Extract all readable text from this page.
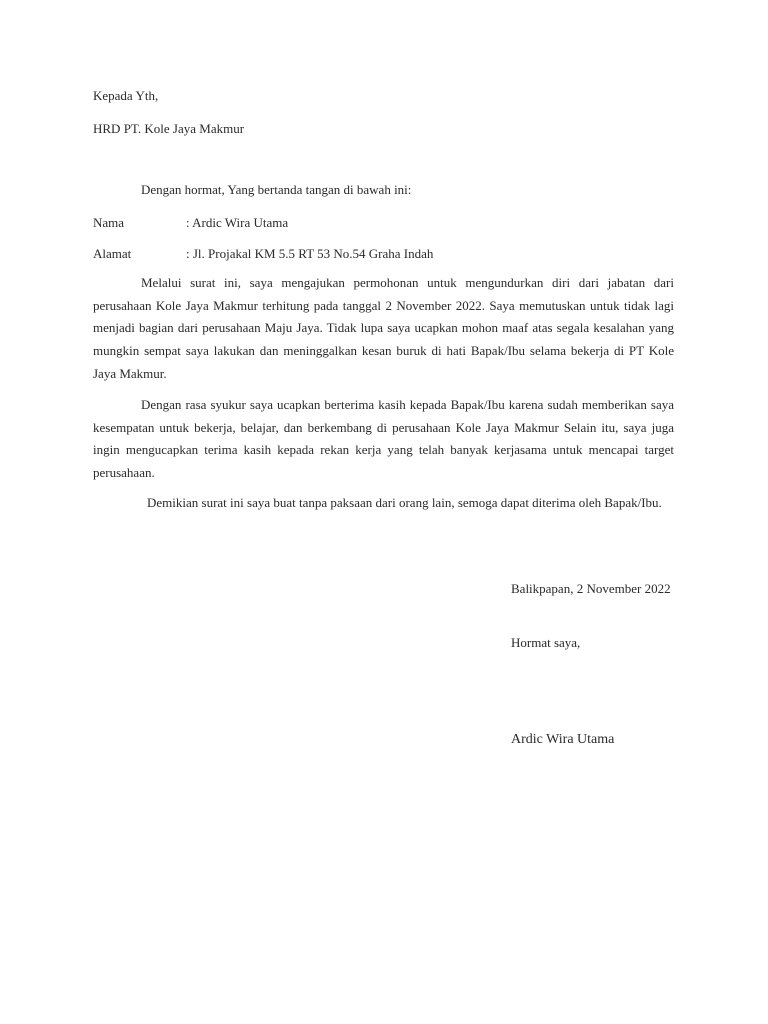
Kepada Yth,
HRD PT. Kole Jaya Makmur
Dengan hormat, Yang bertanda tangan di bawah ini:
Nama	: Ardic Wira Utama
Alamat	: Jl. Projakal KM 5.5 RT 53 No.54 Graha Indah
Melalui surat ini, saya mengajukan permohonan untuk mengundurkan diri dari jabatan dari perusahaan Kole Jaya Makmur terhitung pada tanggal 2 November 2022. Saya memutuskan untuk tidak lagi menjadi bagian dari perusahaan Maju Jaya. Tidak lupa saya ucapkan mohon maaf atas segala kesalahan yang mungkin sempat saya lakukan dan meninggalkan kesan buruk di hati Bapak/Ibu selama bekerja di PT Kole Jaya Makmur.
Dengan rasa syukur saya ucapkan berterima kasih kepada Bapak/Ibu karena sudah memberikan saya kesempatan untuk bekerja, belajar, dan berkembang di perusahaan Kole Jaya Makmur Selain itu, saya juga ingin mengucapkan terima kasih kepada rekan kerja yang telah banyak kerjasama untuk mencapai target perusahaan.
Demikian surat ini saya buat tanpa paksaan dari orang lain, semoga dapat diterima oleh Bapak/Ibu.
Balikpapan, 2 November 2022
Hormat saya,
Ardic Wira Utama
